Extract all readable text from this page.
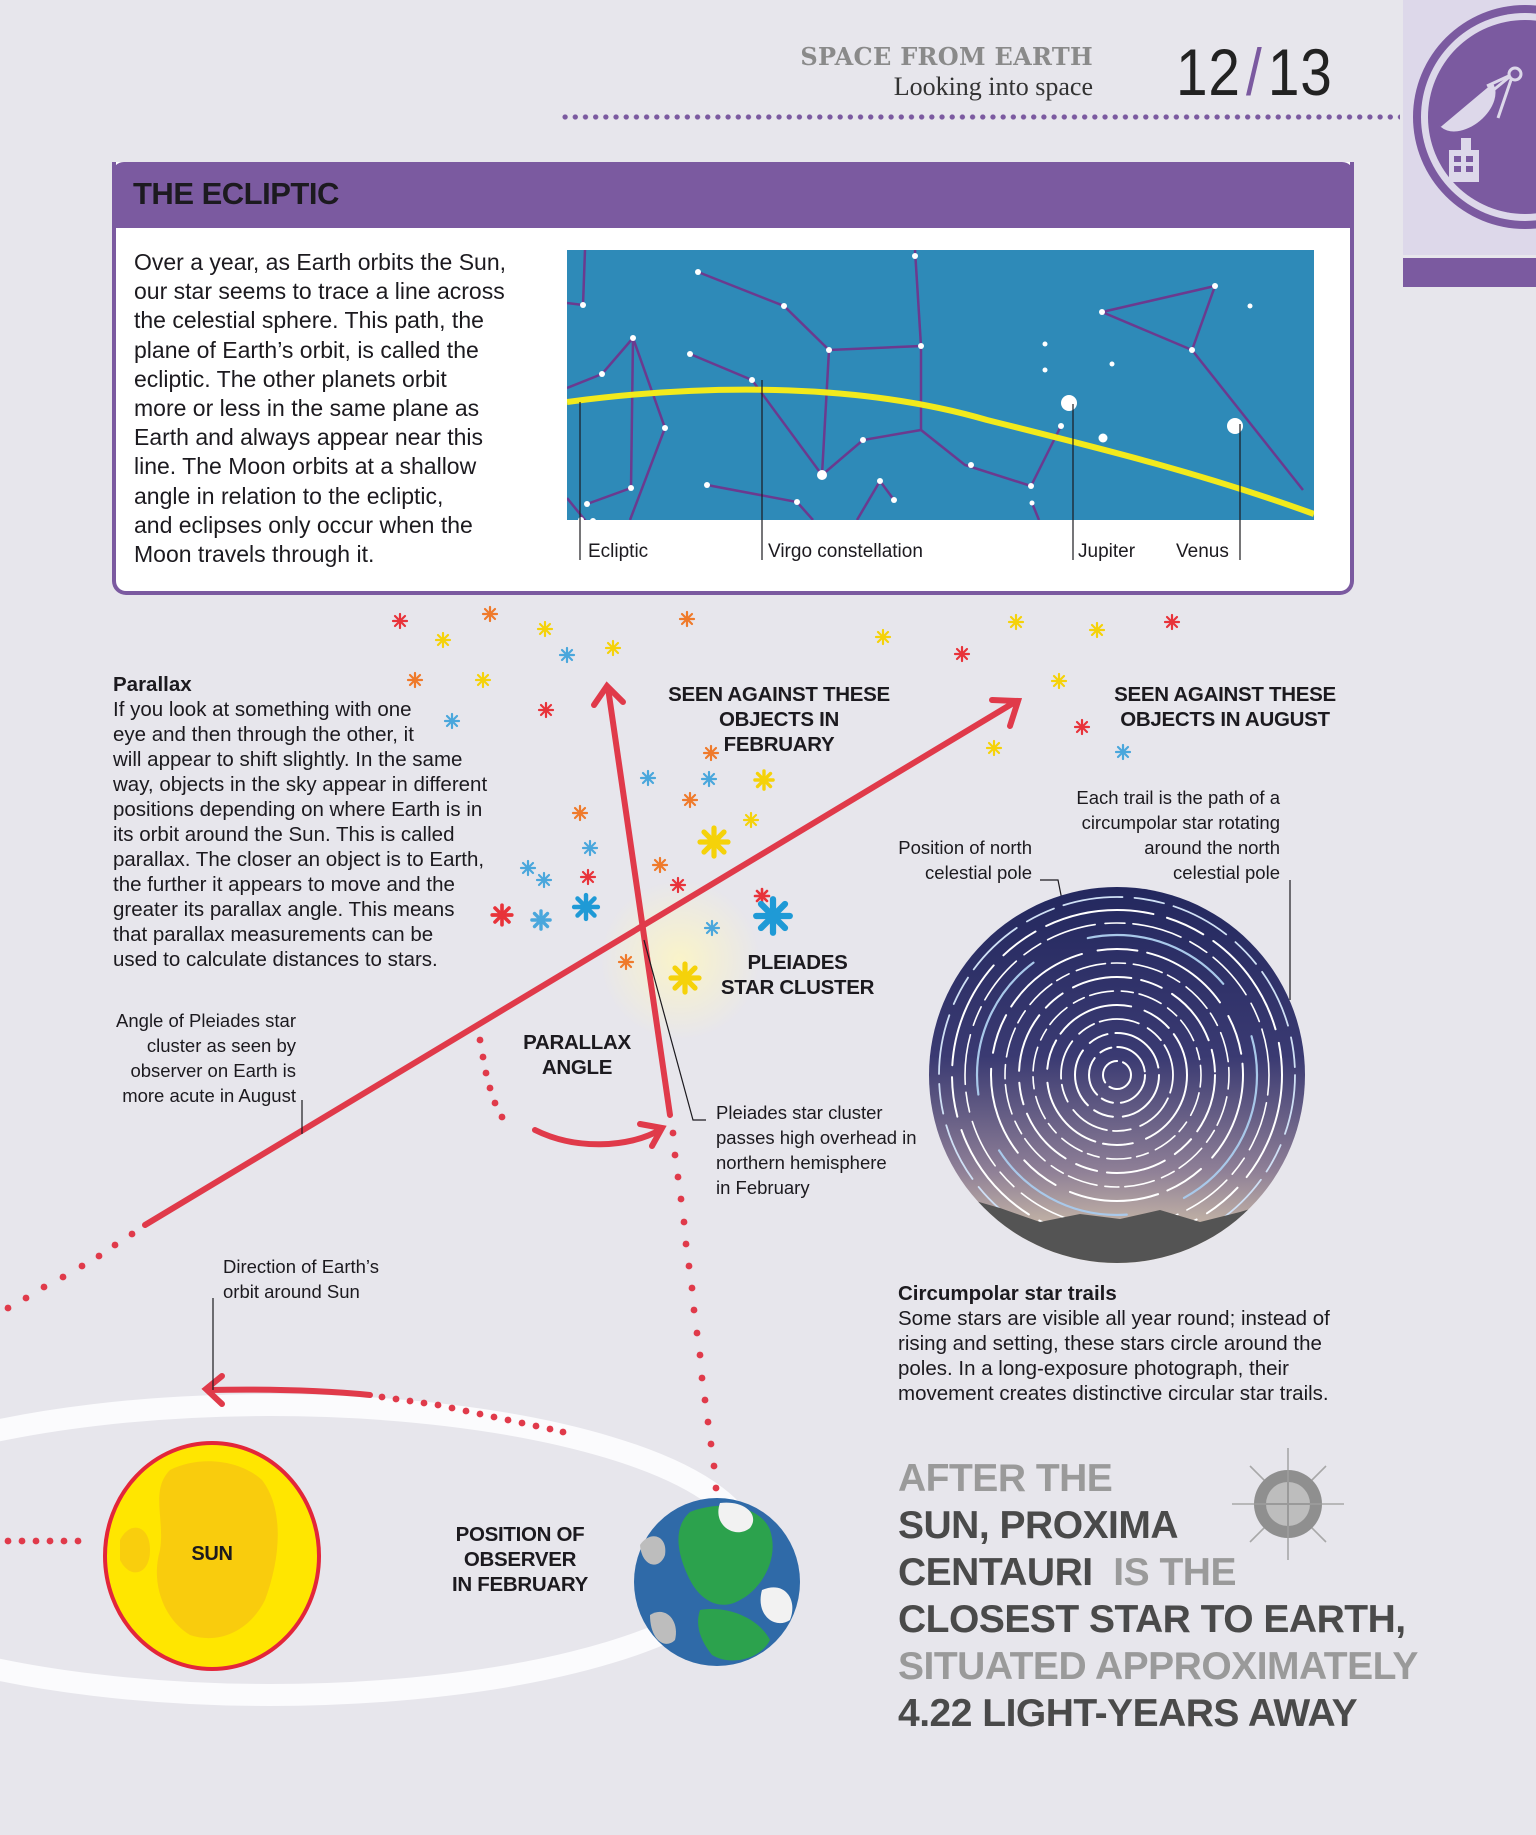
SPACE FROM EARTH
Looking into space 12/13
THE ECLIPTIC
Over a year, as Earth orbits the Sun,
our star seems to trace a line across
the celestial sphere. This path, the
plane of Earth’s orbit, is called the
ecliptic. The other planets orbit
more or less in the same plane as
Earth and always appear near this
line. The Moon orbits at a shallow
angle in relation to the ecliptic,
and eclipses only occur when the
Moon travels through it.	Ecliptic	Virgo constellation	Jupiter Venus
Parallax
If you look at something with one
eye and then through the other, it
will appear to shift slightly. In the same
way, objects in the sky appear in different
positions depending on where Earth is in
its orbit around the Sun. This is called
parallax. The closer an object is to Earth,
the further it appears to move and the
greater its parallax angle. This means
that parallax measurements can be
used to calculate distances to stars.
SEEN AGAINST THESE
OBJECTS IN FEBRUARY
SEEN AGAINST THESE
OBJECTS IN AUGUST
PLEIADES
STAR CLUSTER
PARALLAX
ANGLE
Angle of Pleiades star
cluster as seen by
observer on Earth is
more acute in August
Pleiades star cluster
passes high overhead in
northern hemisphere
in February
Direction of Earth’s
orbit around Sun
SUN
POSITION OF
OBSERVER
IN FEBRUARY
Position of north
celestial pole
Each trail is the path of a
circumpolar star rotating
around the north
celestial pole
Circumpolar star trails
Some stars are visible all year round; instead of
rising and setting, these stars circle around the
poles. In a long-exposure photograph, their
movement creates distinctive circular star trails.
AFTER THE
SUN, PROXIMA
CENTAURI IS THE
CLOSEST STAR TO EARTH,
SITUATED APPROXIMATELY
4.22 LIGHT-YEARS AWAY
